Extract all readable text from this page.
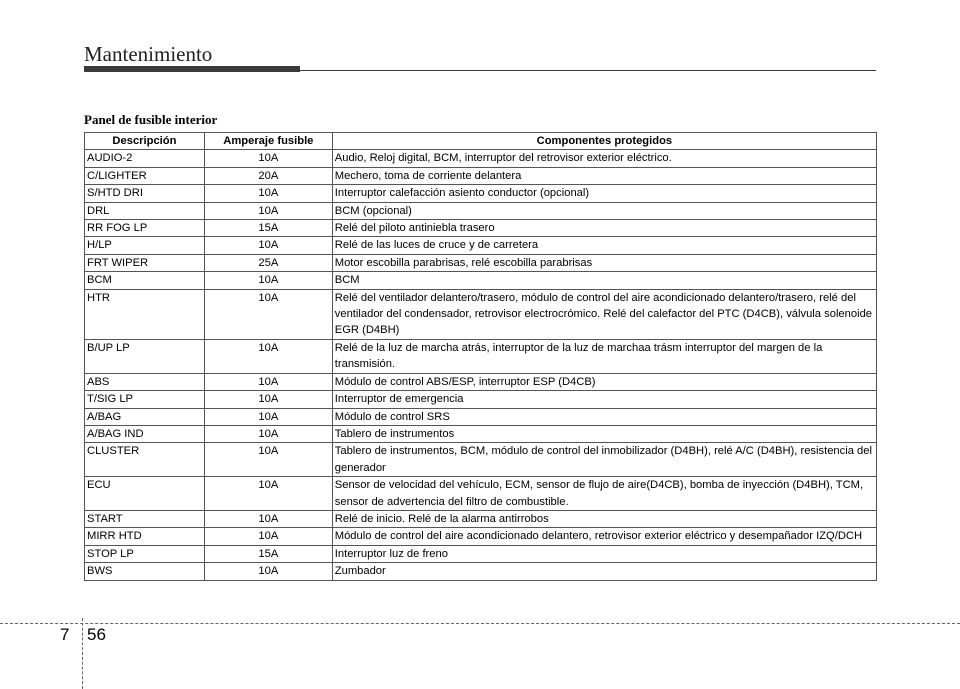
Mantenimiento
Panel de fusible interior
Descripción	Amperaje fusible	Componentes protegidos
AUDIO-2	10A	Audio, Reloj digital, BCM, interruptor del retrovisor exterior eléctrico.
C/LIGHTER	20A	Mechero, toma de corriente delantera
S/HTD DRI	10A	Interruptor calefacción asiento conductor (opcional)
DRL	10A	BCM (opcional)
RR FOG LP	15A	Relé del piloto antiniebla trasero
H/LP	10A	Relé de las luces de cruce y de carretera
FRT WIPER	25A	Motor escobilla parabrisas, relé escobilla parabrisas
BCM	10A	BCM
HTR	10A	Relé del ventilador delantero/trasero, módulo de control del aire acondicionado delantero/trasero, relé del ventilador del condensador, retrovisor electrocrómico. Relé del calefactor del PTC (D4CB), válvula solenoide EGR (D4BH)
B/UP LP	10A	Relé de la luz de marcha atrás, interruptor de la luz de marchaa trásm interruptor del margen de la transmisión.
ABS	10A	Módulo de control ABS/ESP, interruptor ESP (D4CB)
T/SIG LP	10A	Interruptor de emergencia
A/BAG	10A	Módulo de control SRS
A/BAG IND	10A	Tablero de instrumentos
CLUSTER	10A	Tablero de instrumentos, BCM, módulo de control del inmobilizador (D4BH), relé A/C (D4BH), resistencia del generador
ECU	10A	Sensor de velocidad del vehículo, ECM, sensor de flujo de aire(D4CB), bomba de inyección (D4BH), TCM, sensor de advertencia del filtro de combustible.
START	10A	Relé de inicio. Relé de la alarma antirrobos
MIRR HTD	10A	Módulo de control del aire acondicionado delantero, retrovisor exterior eléctrico y desempañador IZQ/DCH
STOP LP	15A	Interruptor luz de freno
BWS	10A	Zumbador
7 56
